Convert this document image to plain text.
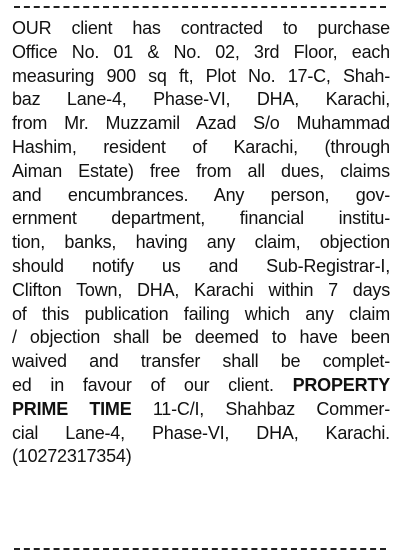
OUR client has contracted to purchase
Office No. 01 & No. 02, 3rd Floor, each
measuring 900 sq ft, Plot No. 17-C, Shah-
baz Lane-4, Phase-VI, DHA, Karachi,
from Mr. Muzzamil Azad S/o Muhammad
Hashim, resident of Karachi, (through
Aiman Estate) free from all dues, claims
and encumbrances. Any person, gov-
ernment department, financial institu-
tion, banks, having any claim, objection
should notify us and Sub-Registrar-I,
Clifton Town, DHA, Karachi within 7 days
of this publication failing which any claim
/ objection shall be deemed to have been
waived and transfer shall be complet-
ed in favour of our client. PROPERTY
PRIME TIME 11-C/I, Shahbaz Commer-
cial Lane-4, Phase-VI, DHA, Karachi.
(10272317354)
